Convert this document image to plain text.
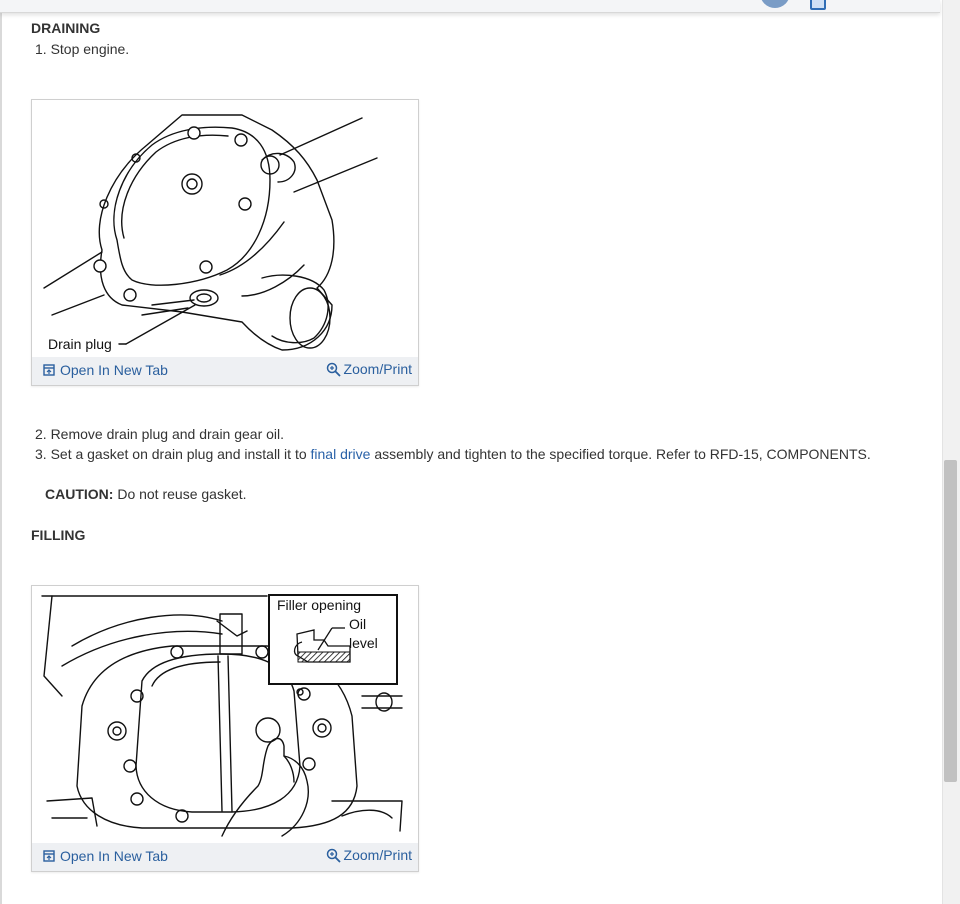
DRAINING
1. Stop engine.
Drain plug
Open In New Tab	Zoom/Print
2. Remove drain plug and drain gear oil.
3. Set a gasket on drain plug and install it to final drive assembly and tighten to the specified torque. Refer to RFD-15, COMPONENTS.
CAUTION: Do not reuse gasket.
FILLING
Filler opening
Oil
level
Open In New Tab	Zoom/Print
